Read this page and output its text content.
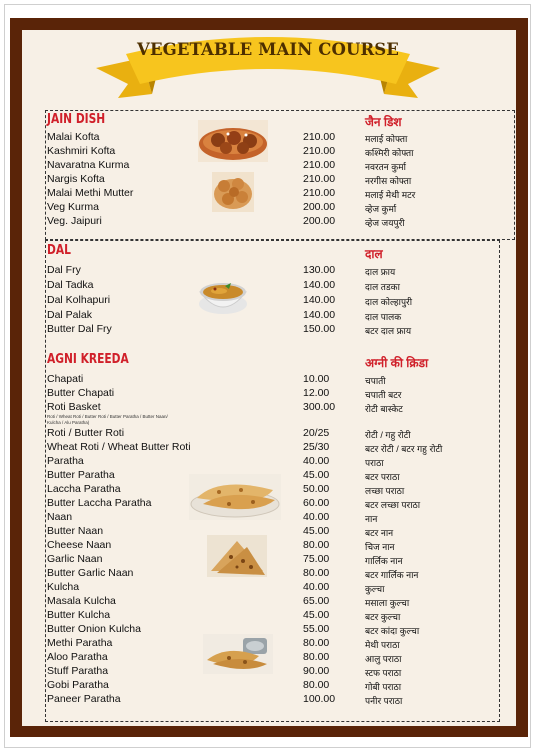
VEGETABLE MAIN COURSE
JAIN DISH	जैन डिश
DAL	दाल
AGNI KREEDA	अग्नी की क्रिडा
Roti / Wheat Roti / Butter Roti / Butter Paratha / Butter Naan/ Kulcha / Alu Paratha)
Malai Kofta	210.00	मलाई कोफ्ता
Kashmiri Kofta	210.00	कश्मिरी कोफ्ता
Navaratna Kurma	210.00	नवरतन कुर्मा
Nargis Kofta	210.00	नरगीस कोफ्ता
Malai Methi Mutter	210.00	मलाई मेथी मटर
Veg Kurma	200.00	व्हेज कुर्मा
Veg. Jaipuri	200.00	व्हेज जयपुरी
Dal Fry	130.00	दाल फ्राय
Dal Tadka	140.00	दाल तडका
Dal Kolhapuri	140.00	दाल कोल्हापुरी
Dal Palak	140.00	दाल पालक
Butter Dal Fry	150.00	बटर दाल फ्राय
Chapati	10.00	चपाती
Butter Chapati	12.00	चपाती बटर
Roti Basket	300.00	रोटी बास्केट
Roti / Butter Roti	20/25	रोटी / गहु रोटी
Wheat Roti / Wheat Butter Roti	25/30	बटर रोटी / बटर गहु रोटी
Paratha	40.00	पराठा
Butter Paratha	45.00	बटर पराठा
Laccha Paratha	50.00	लच्छा पराठा
Butter Laccha Paratha	60.00	बटर लच्छा पराठा
Naan	40.00	नान
Butter Naan	45.00	बटर नान
Cheese Naan	80.00	चिज नान
Garlic Naan	75.00	गार्लिक नान
Butter Garlic Naan	80.00	बटर गार्लिक नान
Kulcha	40.00	कुल्चा
Masala Kulcha	65.00	मसाला कुल्चा
Butter Kulcha	45.00	बटर कुल्चा
Butter Onion Kulcha	55.00	बटर कांदा कुल्चा
Methi Paratha	80.00	मेथी पराठा
Aloo Paratha	80.00	आलु पराठा
Stuff Paratha	90.00	स्टफ पराठा
Gobi Paratha	80.00	गोबी पराठा
Paneer Paratha	100.00	पनीर पराठा
